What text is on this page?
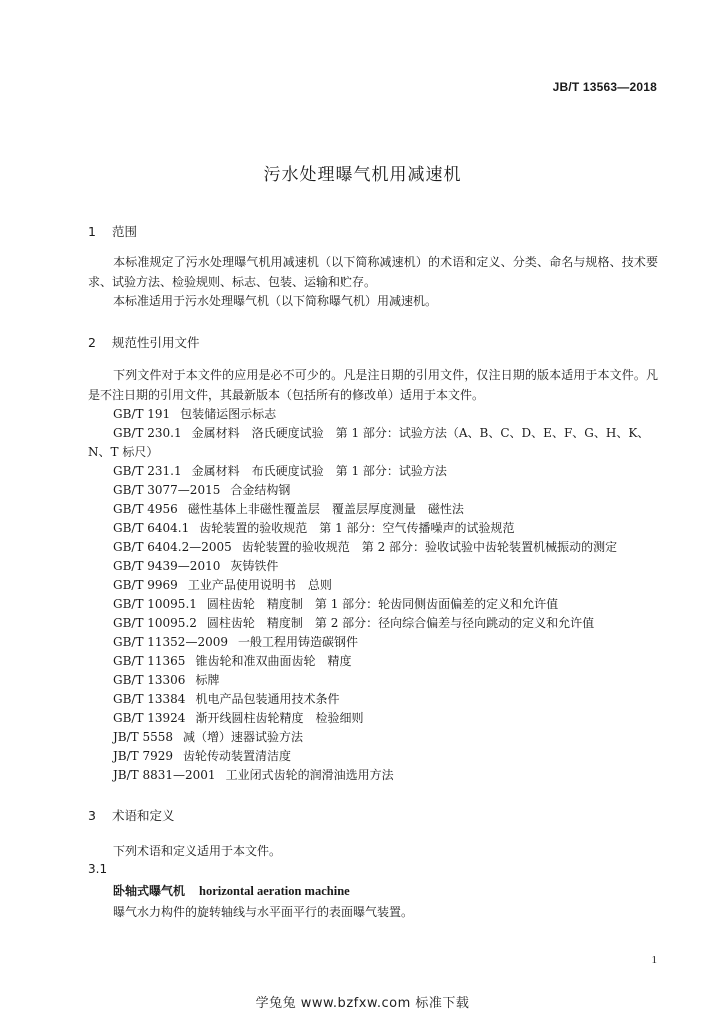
JB/T 13563—2018
污水处理曝气机用减速机
1 范围
本标准规定了污水处理曝气机用减速机（以下简称减速机）的术语和定义、分类、命名与规格、技术要求、试验方法、检验规则、标志、包装、运输和贮存。
本标准适用于污水处理曝气机（以下简称曝气机）用减速机。
2 规范性引用文件
下列文件对于本文件的应用是必不可少的。凡是注日期的引用文件，仅注日期的版本适用于本文件。凡是不注日期的引用文件，其最新版本（包括所有的修改单）适用于本文件。
GB/T 191 包装储运图示标志
GB/T 230.1 金属材料　洛氏硬度试验　第 1 部分：试验方法（A、B、C、D、E、F、G、H、K、
N、T 标尺）
GB/T 231.1 金属材料　布氏硬度试验　第 1 部分：试验方法
GB/T 3077—2015 合金结构钢
GB/T 4956 磁性基体上非磁性覆盖层　覆盖层厚度测量　磁性法
GB/T 6404.1 齿轮装置的验收规范　第 1 部分：空气传播噪声的试验规范
GB/T 6404.2—2005 齿轮装置的验收规范　第 2 部分：验收试验中齿轮装置机械振动的测定
GB/T 9439—2010 灰铸铁件
GB/T 9969 工业产品使用说明书　总则
GB/T 10095.1 圆柱齿轮　精度制　第 1 部分：轮齿同侧齿面偏差的定义和允许值
GB/T 10095.2 圆柱齿轮　精度制　第 2 部分：径向综合偏差与径向跳动的定义和允许值
GB/T 11352—2009 一般工程用铸造碳钢件
GB/T 11365 锥齿轮和准双曲面齿轮　精度
GB/T 13306 标牌
GB/T 13384 机电产品包装通用技术条件
GB/T 13924 渐开线圆柱齿轮精度　检验细则
JB/T 5558 减（增）速器试验方法
JB/T 7929 齿轮传动装置清洁度
JB/T 8831—2001 工业闭式齿轮的润滑油选用方法
3 术语和定义
下列术语和定义适用于本文件。
3.1
卧轴式曝气机 horizontal aeration machine
曝气水力构件的旋转轴线与水平面平行的表面曝气装置。
1
学兔兔 www.bzfxw.com 标准下载
